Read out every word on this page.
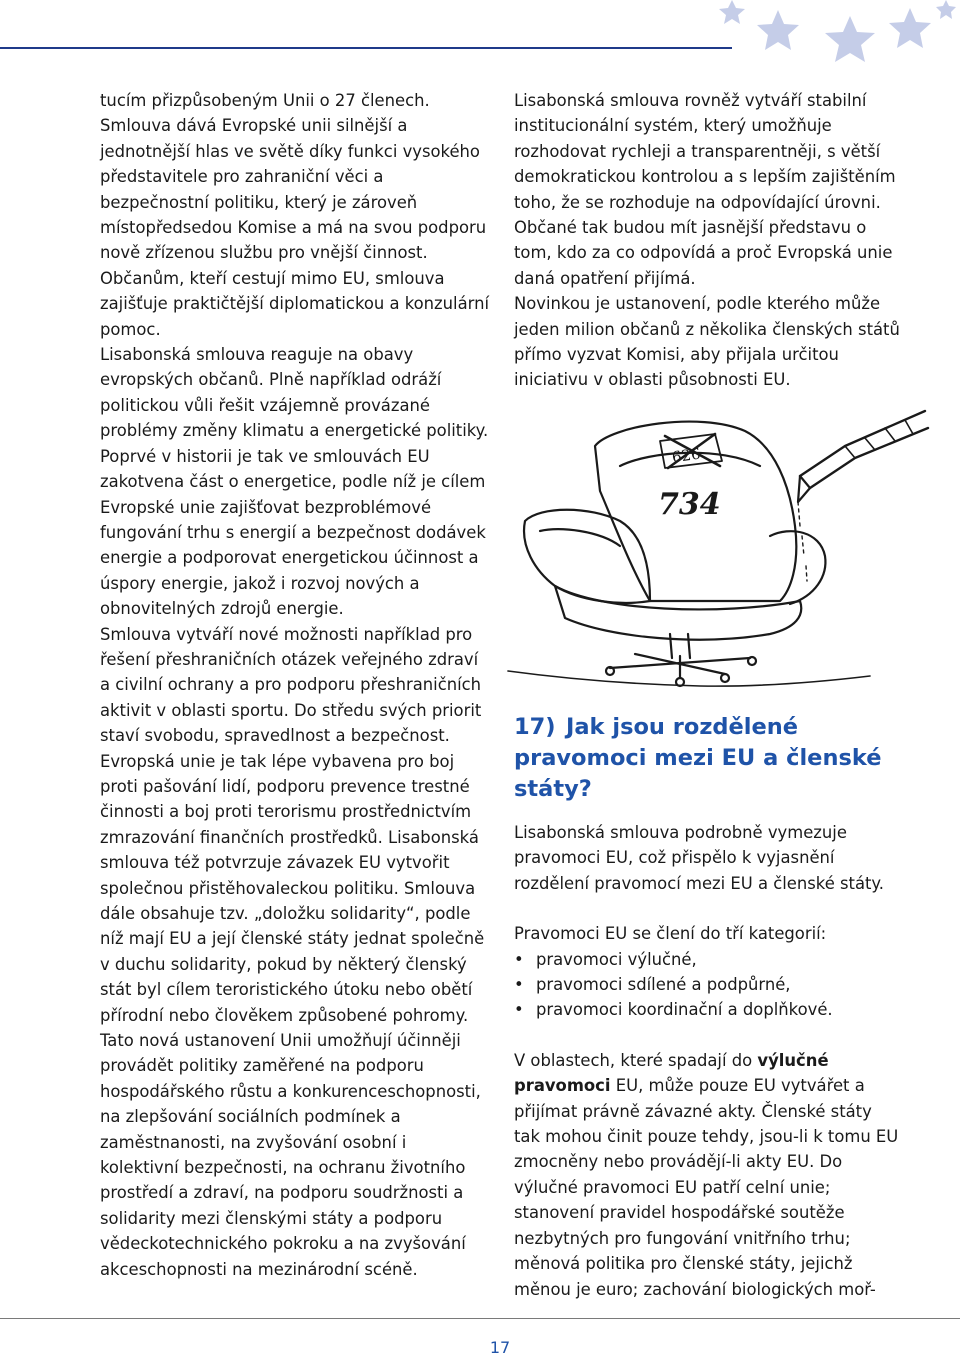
tucím přizpůsobeným Unii o 27 členech. Smlouva dává Evropské unii silnější a jednotnější hlas ve světě díky funkci vysokého představitele pro zahraniční věci a bezpečnostní politiku, který je zároveň místopředsedou Komise a má na svou podporu nově zřízenou službu pro vnější činnost. Občanům, kteří cestují mimo EU, smlouva zajišťuje praktičtější diplomatickou a konzulární pomoc.

Lisabonská smlouva reaguje na obavy evropských občanů. Plně například odráží politickou vůli řešit vzájemně provázané problémy změny klimatu a energetické politiky. Poprvé v historii je tak ve smlouvách EU zakotvena část o energetice, podle níž je cílem Evropské unie zajišťovat bezproblémové fungování trhu s energií a bezpečnost dodávek energie a podporovat energetickou účinnost a úspory energie, jakož i rozvoj nových a obnovitelných zdrojů energie.

Smlouva vytváří nové možnosti například pro řešení přeshraničních otázek veřejného zdraví a civilní ochrany a pro podporu přeshraničních aktivit v oblasti sportu. Do středu svých priorit staví svobodu, spravedlnost a bezpečnost. Evropská unie je tak lépe vybavena pro boj proti pašování lidí, podporu prevence trestné činnosti a boj proti terorismu prostřednictvím zmrazování finančních prostředků. Lisabonská smlouva též potvrzuje závazek EU vytvořit společnou přistěhovaleckou politiku. Smlouva dále obsahuje tzv. „doložku solidarity“, podle níž mají EU a její členské státy jednat společně v duchu solidarity, pokud by některý členský stát byl cílem teroristického útoku nebo obětí přírodní nebo člověkem způsobené pohromy.

Tato nová ustanovení Unii umožňují účinněji provádět politiky zaměřené na podporu hospodářského růstu a konkurenceschopnosti, na zlepšování sociálních podmínek a zaměstnanosti, na zvyšování osobní i kolektivní bezpečnosti, na ochranu životního prostředí a zdraví, na podporu soudržnosti a solidarity mezi členskými státy a podporu vědeckotechnického pokroku a na zvyšování akceschopnosti na mezinárodní scéně.

Lisabonská smlouva rovněž vytváří stabilní institucionální systém, který umožňuje rozhodovat rychleji a transparentněji, s větší demokratickou kontrolou a s lepším zajištěním toho, že se rozhoduje na odpovídající úrovni. Občané tak budou mít jasnější představu o tom, kdo za co odpovídá a proč Evropská unie daná opatření přijímá.

Novinkou je ustanovení, podle kterého může jeden milion občanů z několika členských států přímo vyzvat Komisi, aby přijala určitou iniciativu v oblasti působnosti EU.

626
734
17) Jak jsou rozdělené pravomoci mezi EU a členské státy?

Lisabonská smlouva podrobně vymezuje pravomoci EU, což přispělo k vyjasnění rozdělení pravomocí mezi EU a členské státy.

Pravomoci EU se člení do tří kategorií:

• pravomoci výlučné,
• pravomoci sdílené a podpůrné,
• pravomoci koordinační a doplňkové.

V oblastech, které spadají do výlučné pravomoci EU, může pouze EU vytvářet a přijímat právně závazné akty. Členské státy tak mohou činit pouze tehdy, jsou-li k tomu EU zmocněny nebo provádějí-li akty EU. Do výlučné pravomoci EU patří celní unie; stanovení pravidel hospodářské soutěže nezbytných pro fungování vnitřního trhu; měnová politika pro členské státy, jejichž měnou je euro; zachování biologických moř-

17
